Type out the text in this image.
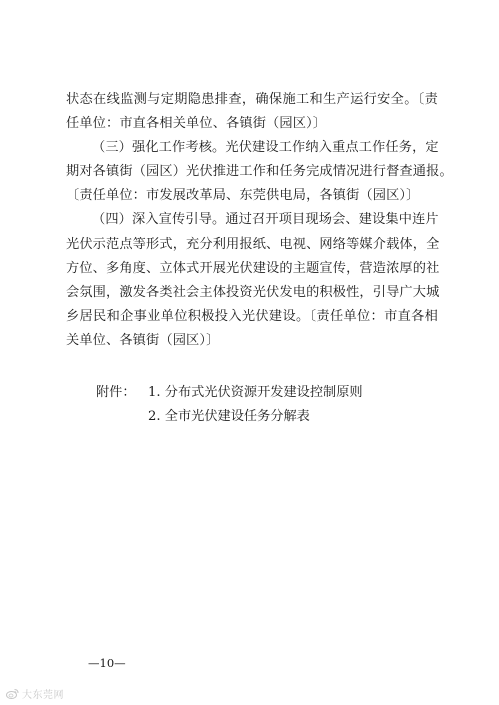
状态在线监测与定期隐患排查，确保施工和生产运行安全。〔责
任单位：市直各相关单位、各镇街（园区）〕
（三）强化工作考核。光伏建设工作纳入重点工作任务，定
期对各镇街（园区）光伏推进工作和任务完成情况进行督查通报。
〔责任单位：市发展改革局、东莞供电局，各镇街（园区）〕
（四）深入宣传引导。通过召开项目现场会、建设集中连片
光伏示范点等形式，充分利用报纸、电视、网络等媒介载体，全
方位、多角度、立体式开展光伏建设的主题宣传，营造浓厚的社
会氛围，激发各类社会主体投资光伏发电的积极性，引导广大城
乡居民和企事业单位积极投入光伏建设。〔责任单位：市直各相
关单位、各镇街（园区）〕
附件： 1. 分布式光伏资源开发建设控制原则
2. 全市光伏建设任务分解表
—10—
大东莞网
